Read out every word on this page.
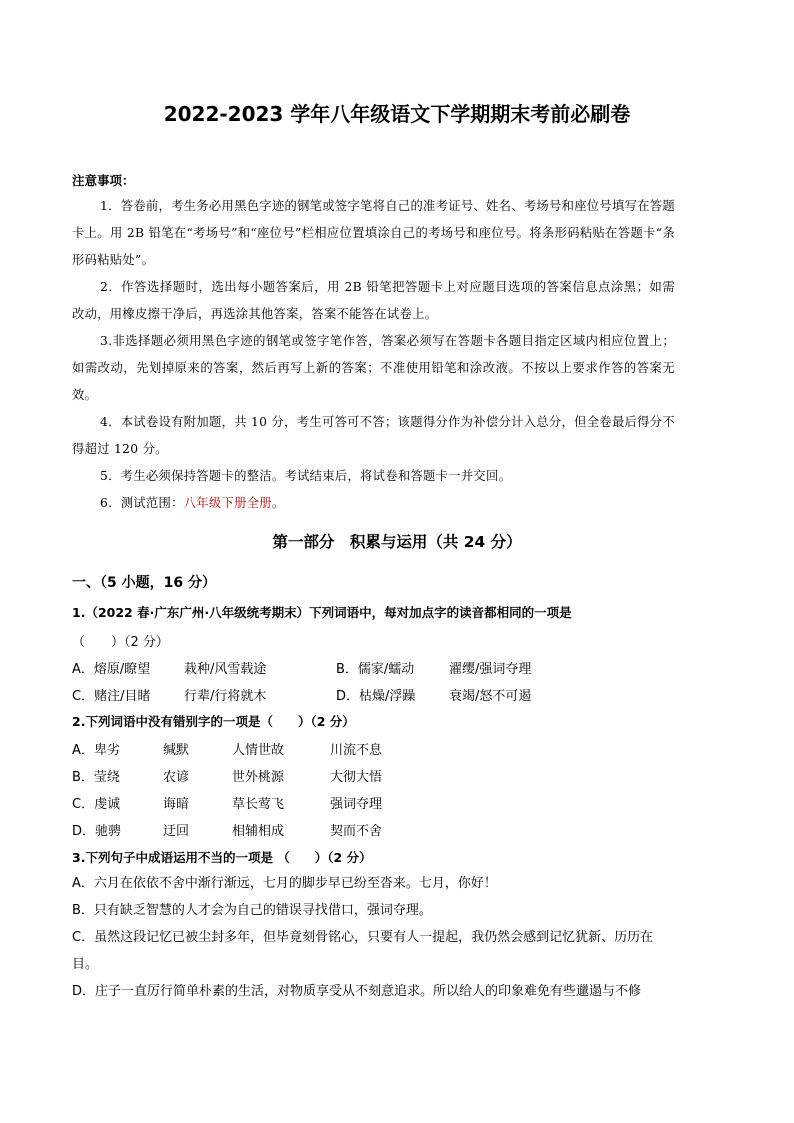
2022-2023 学年八年级语文下学期期末考前必刷卷
注意事项：

1．答卷前，考生务必用黑色字迹的钢笔或签字笔将自己的准考证号、姓名、考场号和座位号填写在答题卡上。用 2B 铅笔在“考场号”和“座位号”栏相应位置填涂自己的考场号和座位号。将条形码粘贴在答题卡“条形码粘贴处”。

2．作答选择题时，选出每小题答案后，用 2B 铅笔把答题卡上对应题目选项的答案信息点涂黑；如需改动，用橡皮擦干净后，再选涂其他答案，答案不能答在试卷上。

3.非选择题必须用黑色字迹的钢笔或签字笔作答，答案必须写在答题卡各题目指定区域内相应位置上；如需改动，先划掉原来的答案，然后再写上新的答案；不准使用铅笔和涂改液。不按以上要求作答的答案无效。

4．本试卷设有附加题，共 10 分，考生可答可不答；该题得分作为补偿分计入总分，但全卷最后得分不得超过 120 分。

5．考生必须保持答题卡的整洁。考试结束后，将试卷和答题卡一并交回。

6．测试范围：八年级下册全册。

第一部分　积累与运用（共 24 分）
一、（5 小题，16 分）
1.（2022 春·广东广州·八年级统考期末）下列词语中，每对加点字的读音都相同的一项是
（　　）（2 分）
A．熔原/瞭望	栽种/风雪载途	B．儒家/蠕动	濯缨/强词夺理
C．赌注/目睹	行辈/行将就木	D．枯燥/浮躁	衰竭/怒不可遏
2.下列词语中没有错别字的一项是（　　）（2 分）
A．卑劣	缄默	人情世故	川流不息
B．莹绕	农谚	世外桃源	大彻大悟
C．虔诚	诲暗	草长莺飞	强词夺理
D．驰骋	迂回	相辅相成	契而不舍
3.下列句子中成语运用不当的一项是 （　　）（2 分）

A．六月在依依不舍中渐行渐远，七月的脚步早已纷至沓来。七月，你好！

B．只有缺乏智慧的人才会为自己的错误寻找借口，强词夺理。

C．虽然这段记忆已被尘封多年，但毕竟刻骨铭心，只要有人一提起，我仍然会感到记忆犹新、历历在目。

D．庄子一直厉行简单朴素的生活，对物质享受从不刻意追求。所以给人的印象难免有些邋遢与不修
